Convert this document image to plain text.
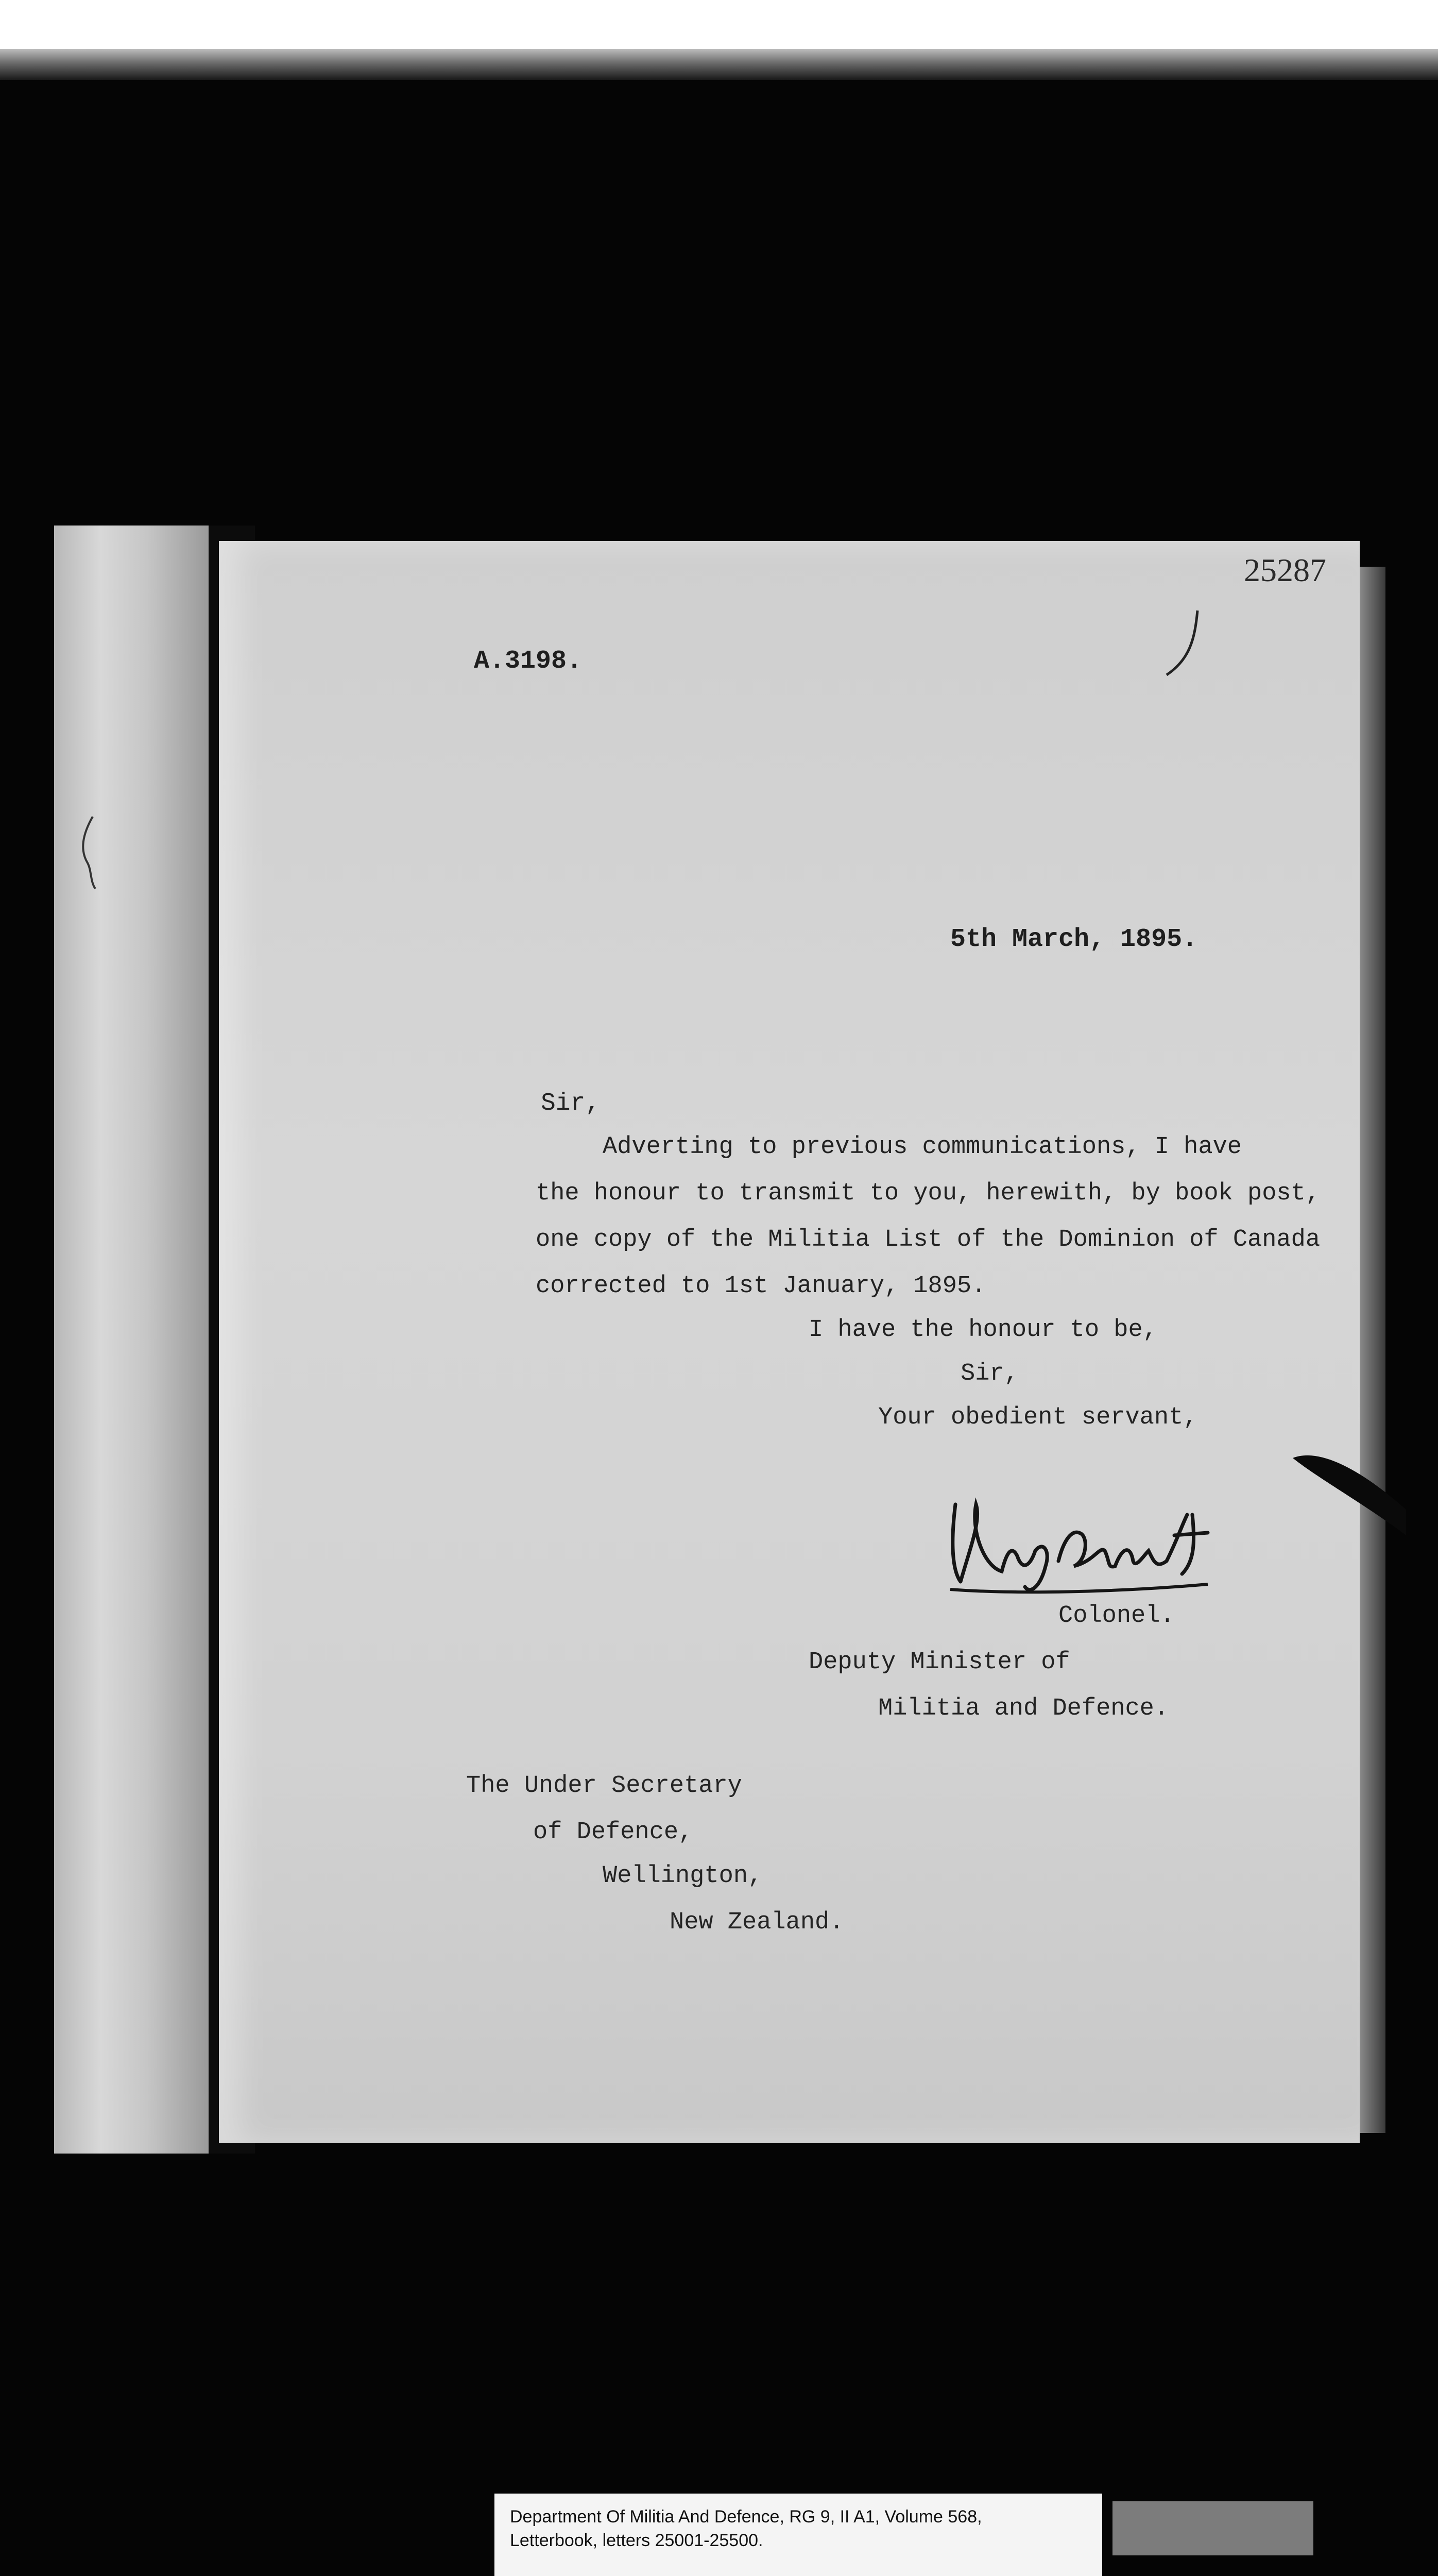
25287
A.3198.
5th March, 1895.
Sir,
Adverting to previous communications, I have
the honour to transmit to you, herewith, by book post,
one copy of the Militia List of the Dominion of Canada
corrected to 1st January, 1895.
I have the honour to be,
Sir,
Your obedient servant,
Colonel.
Deputy Minister of
Militia and Defence.
The Under Secretary
of Defence,
Wellington,
New Zealand.
Department Of Militia And Defence, RG 9, II A1, Volume 568,
Letterbook, letters 25001-25500.
